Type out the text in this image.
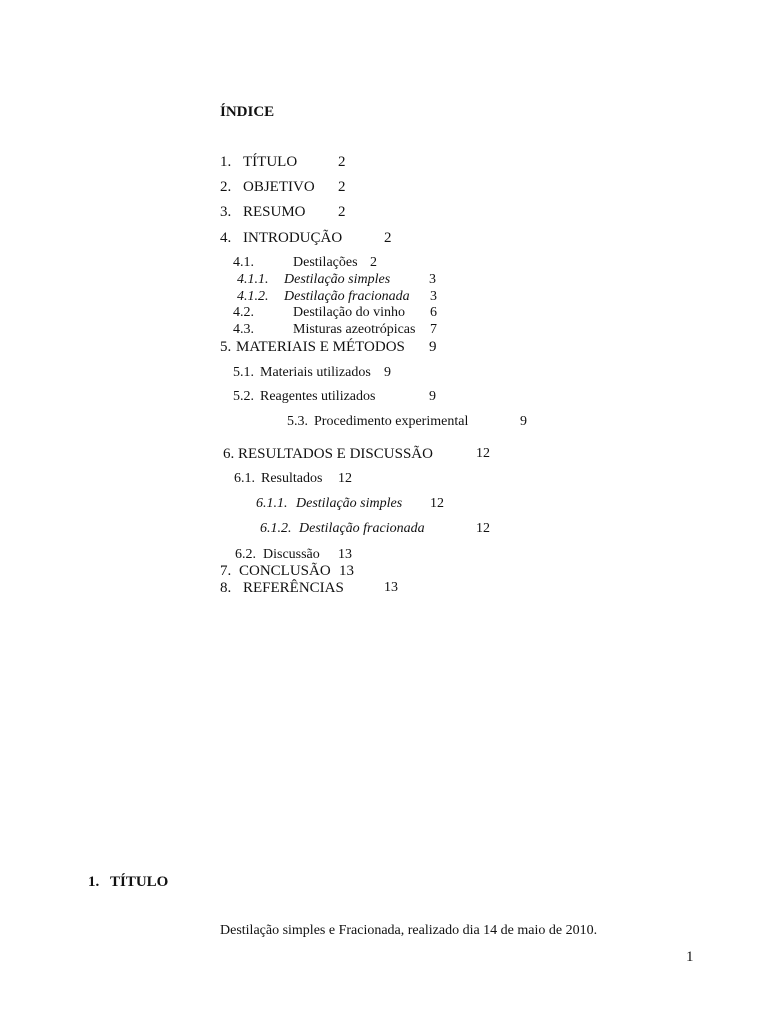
ÍNDICE
1. TÍTULO	2
2. OBJETIVO 2
3. RESUMO 2
4. INTRODUÇÃO	2
4.1.	Destilações 2
4.1.1. Destilação simples	3
4.1.2. Destilação fracionada 3
4.2.	Destilação do vinho 6
4.3.	Misturas azeotrópicas 7
5. MATERIAIS E MÉTODOS 9
5.1. Materiais utilizados 9
5.2. Reagentes utilizados	9
5.3. Procedimento experimental	9
6. RESULTADOS E DISCUSSÃO	12
6.1. Resultados 12
6.1.1. Destilação simples 12
6.1.2. Destilação fracionada	12
6.2. Discussão 13
7. CONCLUSÃO 13
8. REFERÊNCIAS	13
1. TÍTULO
Destilação simples e Fracionada, realizado dia 14 de maio de 2010.
1
